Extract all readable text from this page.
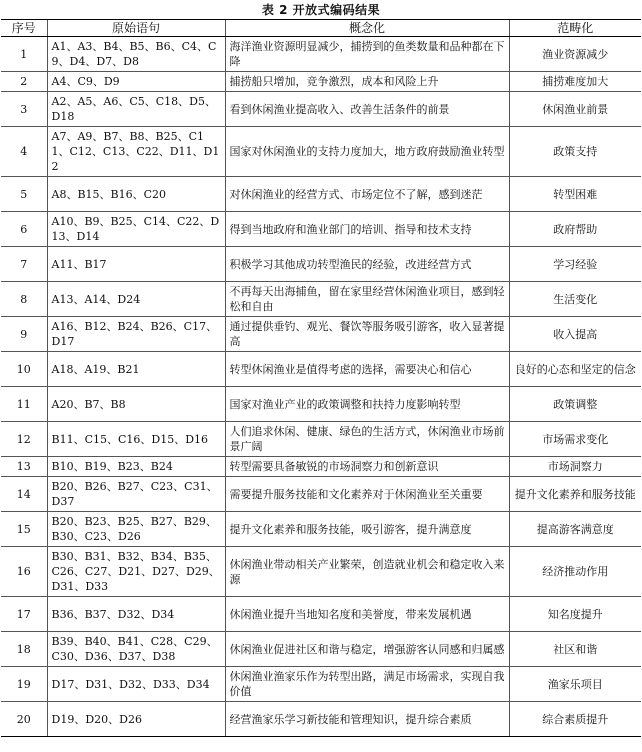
表 2 开放式编码结果
序号	原始语句	概念化	范畴化
1	A1、A3、B4、B5、B6、C4、C9、D4、D7、D8	海洋渔业资源明显减少，捕捞到的鱼类数量和品种都在下降	渔业资源减少
2	A4、C9、D9	捕捞船只增加，竞争激烈，成本和风险上升	捕捞难度加大
3	A2、A5、A6、C5、C18、D5、D18	看到休闲渔业提高收入、改善生活条件的前景	休闲渔业前景
4	A7、A9、B7、B8、B25、C11、C12、C13、C22、D11、D12	国家对休闲渔业的支持力度加大，地方政府鼓励渔业转型	政策支持
5	A8、B15、B16、C20	对休闲渔业的经营方式、市场定位不了解，感到迷茫	转型困难
6	A10、B9、B25、C14、C22、D13、D14	得到当地政府和渔业部门的培训、指导和技术支持	政府帮助
7	A11、B17	积极学习其他成功转型渔民的经验，改进经营方式	学习经验
8	A13、A14、D24	不再每天出海捕鱼，留在家里经营休闲渔业项目，感到轻松和自由	生活变化
9	A16、B12、B24、B26、C17、D17	通过提供垂钓、观光、餐饮等服务吸引游客，收入显著提高	收入提高
10	A18、A19、B21	转型休闲渔业是值得考虑的选择，需要决心和信心	良好的心态和坚定的信念
11	A20、B7、B8	国家对渔业产业的政策调整和扶持力度影响转型	政策调整
12	B11、C15、C16、D15、D16	人们追求休闲、健康、绿色的生活方式，休闲渔业市场前景广阔	市场需求变化
13	B10、B19、B23、B24	转型需要具备敏锐的市场洞察力和创新意识	市场洞察力
14	B20、B26、B27、C23、C31、D37	需要提升服务技能和文化素养对于休闲渔业至关重要	提升文化素养和服务技能
15	B20、B23、B25、B27、B29、B30、C23、D26	提升文化素养和服务技能，吸引游客，提升满意度	提高游客满意度
16	B30、B31、B32、B34、B35、C26、C27、D21、D27、D29、D31、D33	休闲渔业带动相关产业繁荣，创造就业机会和稳定收入来源	经济推动作用
17	B36、B37、D32、D34	休闲渔业提升当地知名度和美誉度，带来发展机遇	知名度提升
18	B39、B40、B41、C28、C29、C30、D36、D37、D38	休闲渔业促进社区和谐与稳定，增强游客认同感和归属感	社区和谐
19	D17、D31、D32、D33、D34	休闲渔业渔家乐作为转型出路，满足市场需求，实现自我价值	渔家乐项目
20	D19、D20、D26	经营渔家乐学习新技能和管理知识，提升综合素质	综合素质提升
